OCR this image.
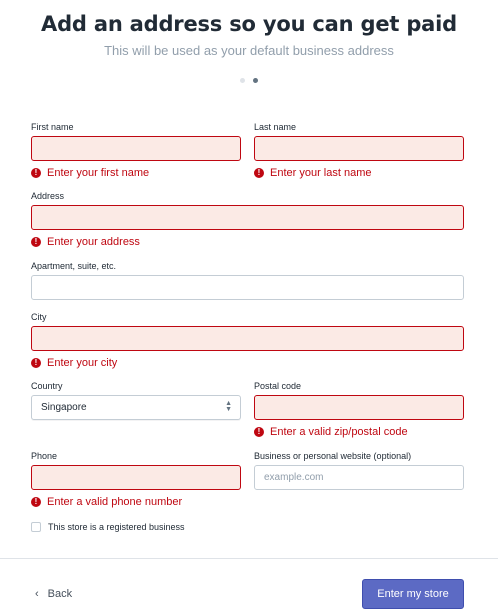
Add an address so you can get paid
This will be used as your default business address
First name
! Enter your first name
Last name
! Enter your last name
Address
! Enter your address
Apartment, suite, etc.
City
! Enter your city
Country
Singapore	▲
▼
Postal code
! Enter a valid zip/postal code
Phone
! Enter a valid phone number
Business or personal website (optional)
example.com
This store is a registered business
‹ Back	Enter my store
